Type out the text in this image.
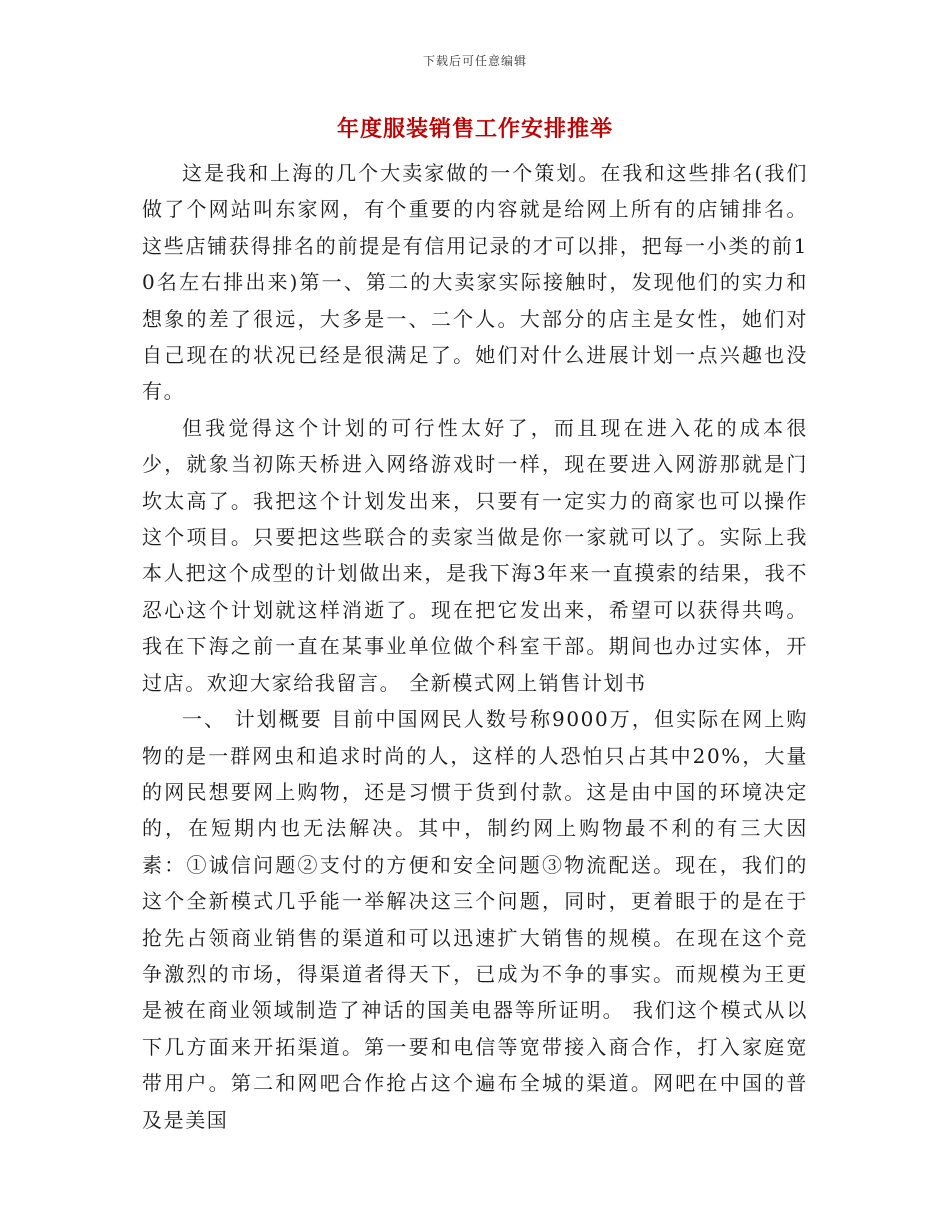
下载后可任意编辑
年度服装销售工作安排推举

这是我和上海的几个大卖家做的一个策划。在我和这些排名(我们做了个网站叫东家网，有个重要的内容就是给网上所有的店铺排名。这些店铺获得排名的前提是有信用记录的才可以排，把每一小类的前10名左右排出来)第一、第二的大卖家实际接触时，发现他们的实力和想象的差了很远，大多是一、二个人。大部分的店主是女性，她们对自己现在的状况已经是很满足了。她们对什么进展计划一点兴趣也没有。

但我觉得这个计划的可行性太好了，而且现在进入花的成本很少，就象当初陈天桥进入网络游戏时一样，现在要进入网游那就是门坎太高了。我把这个计划发出来，只要有一定实力的商家也可以操作这个项目。只要把这些联合的卖家当做是你一家就可以了。实际上我本人把这个成型的计划做出来，是我下海3年来一直摸索的结果，我不忍心这个计划就这样消逝了。现在把它发出来，希望可以获得共鸣。我在下海之前一直在某事业单位做个科室干部。期间也办过实体，开过店。欢迎大家给我留言。 全新模式网上销售计划书

一、 计划概要 目前中国网民人数号称9000万，但实际在网上购物的是一群网虫和追求时尚的人，这样的人恐怕只占其中20%，大量的网民想要网上购物，还是习惯于货到付款。这是由中国的环境决定的，在短期内也无法解决。其中，制约网上购物最不利的有三大因素：①诚信问题②支付的方便和安全问题③物流配送。现在，我们的这个全新模式几乎能一举解决这三个问题，同时，更着眼于的是在于抢先占领商业销售的渠道和可以迅速扩大销售的规模。在现在这个竞争激烈的市场，得渠道者得天下，已成为不争的事实。而规模为王更是被在商业领域制造了神话的国美电器等所证明。 我们这个模式从以下几方面来开拓渠道。第一要和电信等宽带接入商合作，打入家庭宽带用户。第二和网吧合作抢占这个遍布全城的渠道。网吧在中国的普及是美国
